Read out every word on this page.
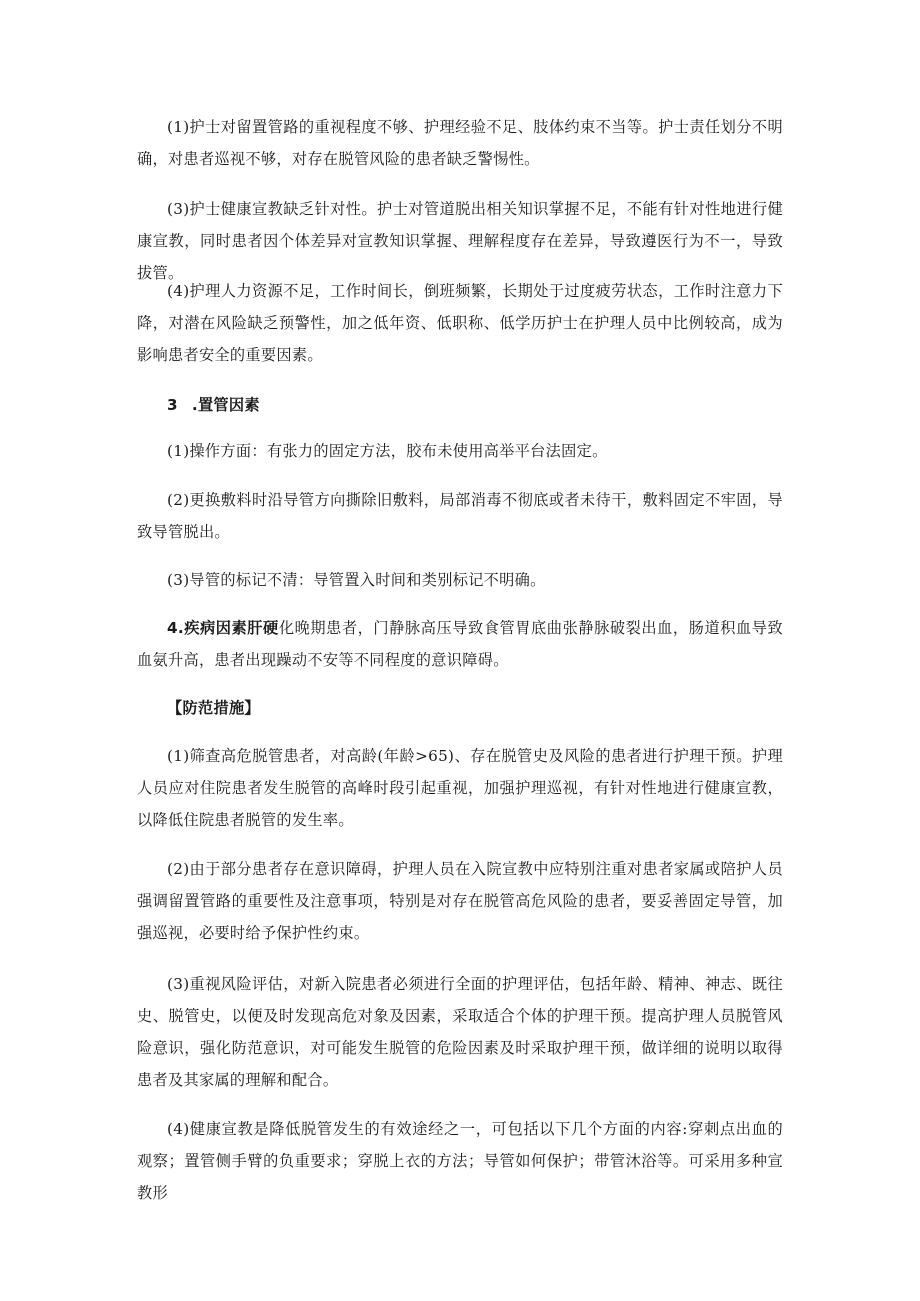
(1)护士对留置管路的重视程度不够、护理经验不足、肢体约束不当等。护士责任划分不明确，对患者巡视不够，对存在脱管风险的患者缺乏警惕性。

(3)护士健康宣教缺乏针对性。护士对管道脱出相关知识掌握不足，不能有针对性地进行健康宣教，同时患者因个体差异对宣教知识掌握、理解程度存在差异，导致遵医行为不一，导致拔管。

(4)护理人力资源不足，工作时间长，倒班频繁，长期处于过度疲劳状态，工作时注意力下降，对潜在风险缺乏预警性，加之低年资、低职称、低学历护士在护理人员中比例较高，成为影响患者安全的重要因素。

3 .置管因素

(1)操作方面：有张力的固定方法，胶布未使用高举平台法固定。

(2)更换敷料时沿导管方向撕除旧敷料，局部消毒不彻底或者未待干，敷料固定不牢固，导致导管脱出。

(3)导管的标记不清：导管置入时间和类别标记不明确。

4.疾病因素肝硬化晚期患者，门静脉高压导致食管胃底曲张静脉破裂出血，肠道积血导致血氨升高，患者出现躁动不安等不同程度的意识障碍。

【防范措施】

(1)筛查高危脱管患者，对高龄(年龄>65)、存在脱管史及风险的患者进行护理干预。护理人员应对住院患者发生脱管的高峰时段引起重视，加强护理巡视，有针对性地进行健康宣教，以降低住院患者脱管的发生率。

(2)由于部分患者存在意识障碍，护理人员在入院宣教中应特别注重对患者家属或陪护人员强调留置管路的重要性及注意事项，特别是对存在脱管高危风险的患者，要妥善固定导管，加强巡视，必要时给予保护性约束。

(3)重视风险评估，对新入院患者必须进行全面的护理评估，包括年龄、精神、神志、既往史、脱管史，以便及时发现高危对象及因素，采取适合个体的护理干预。提高护理人员脱管风险意识，强化防范意识，对可能发生脱管的危险因素及时采取护理干预，做详细的说明以取得患者及其家属的理解和配合。

(4)健康宣教是降低脱管发生的有效途经之一，可包括以下几个方面的内容:穿刺点出血的观察；置管侧手臂的负重要求；穿脱上衣的方法；导管如何保护；带管沐浴等。可采用多种宣教形
